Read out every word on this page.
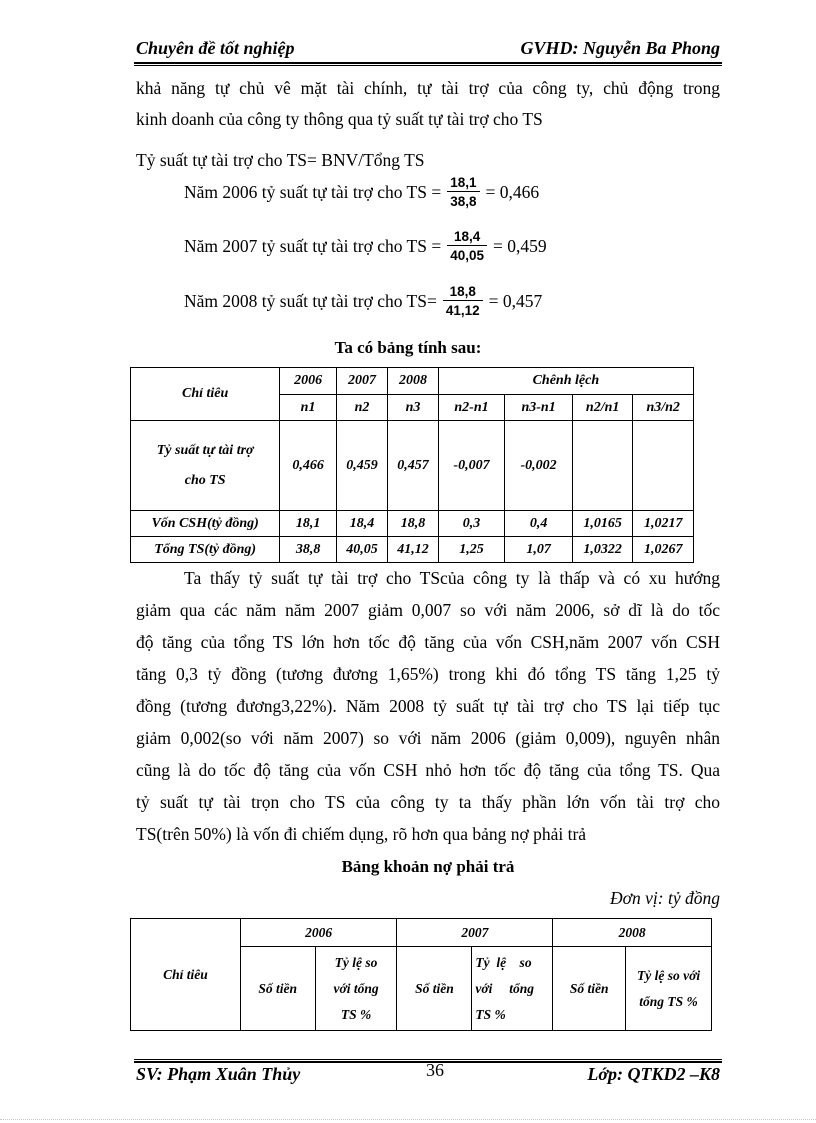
Chuyên đề tốt nghiệp	GVHD: Nguyễn Ba Phong
khả năng tự chủ vê mặt tài chính, tự tài trợ của công ty, chủ động trong
kinh doanh của công ty thông qua tỷ suất tự tài trợ cho TS
Tỷ suất tự tài trợ cho TS= BNV/Tổng TS
Năm 2006 tỷ suất tự tài trợ cho TS = $\frac{18,1}{38,8} = 0,466$
Năm 2007 tỷ suất tự tài trợ cho TS = $\frac{18,4}{40,05} = 0,459$
Năm 2008 tỷ suất tự tài trợ cho $TS= \frac{18,8}{41,12} = 0,457$
Ta có bảng tính sau:
Chỉ tiêu	2006	2007	2008	Chênh lệch			
	n1	n2	n3	n2-n1	n3-n1	n2/n1	n3/n2
Tỷ suất tự tài trợ
cho TS	0,466	0,459	0,457	-0,007	-0,002		
Vốn CSH(tỷ đồng)	18,1	18,4	18,8	0,3	0,4	1,0165	1,0217
Tổng TS(tỷ đồng)	38,8	40,05	41,12	1,25	1,07	1,0322	1,0267
Ta thấy tỷ suất tự tài trợ cho TScủa công ty là thấp và có xu hướng
giảm qua các năm năm 2007 giảm 0,007 so với năm 2006, sở dĩ là do tốc
độ tăng của tổng TS lớn hơn tốc độ tăng của vốn CSH,năm 2007 vốn CSH
tăng 0,3 tỷ đồng (tương đương 1,65%) trong khi đó tổng TS tăng 1,25 tỷ
đồng (tương đương3,22%). Năm 2008 tỷ suất tự tài trợ cho TS lại tiếp tục
giảm 0,002(so với năm 2007) so với năm 2006 (giảm 0,009), nguyên nhân
cũng là do tốc độ tăng của vốn CSH nhỏ hơn tốc độ tăng của tổng TS. Qua
tỷ suất tự tài trọn cho TS của công ty ta thấy phần lớn vốn tài trợ cho
TS(trên 50%) là vốn đi chiếm dụng, rõ hơn qua bảng nợ phải trả
Bảng khoản nợ phải trả
Đơn vị: tỷ đồng
Chỉ tiêu	2006		2007		2008	
	Số tiền	Tỷ lệ so
với tổng
TS %	Số tiền	Tỷ  lệ    so
với     tổng
TS %	Số tiền	Tỷ lệ so với
tổng TS %
SV: Phạm Xuân Thủy	36	Lớp: QTKD2 –K8
